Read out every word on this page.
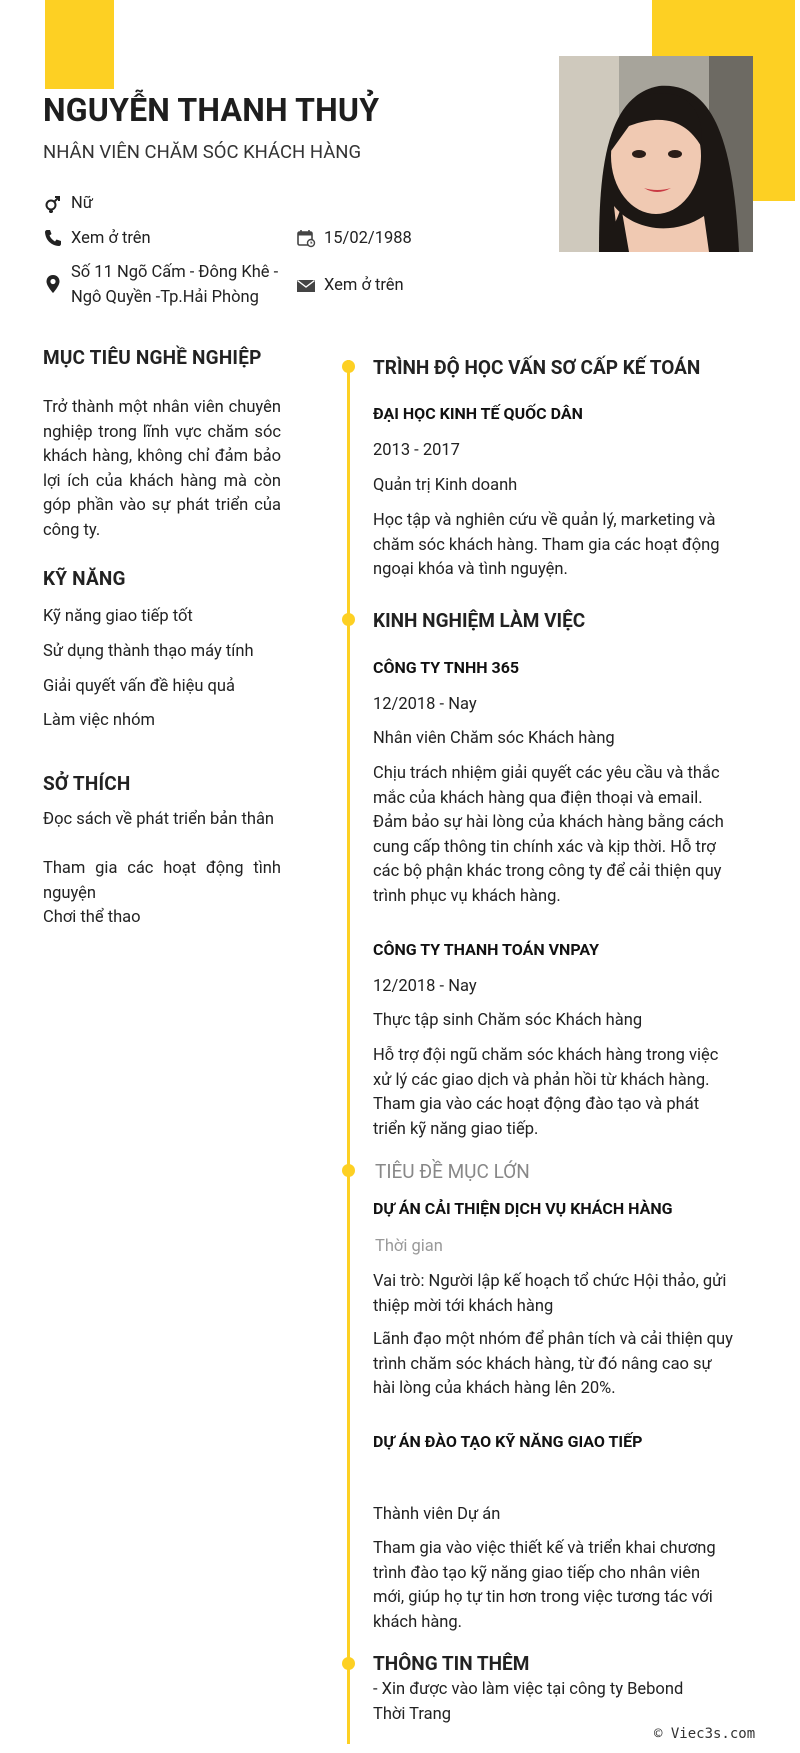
NGUYỄN THANH THUỶ
NHÂN VIÊN CHĂM SÓC KHÁCH HÀNG
Nữ
Xem ở trên	15/02/1988
Số 11 Ngõ Cấm - Đông Khê -
Ngô Quyền -Tp.Hải Phòng
Xem ở trên
MỤC TIÊU NGHỀ NGHIỆP
Trở thành một nhân viên chuyên nghiệp trong lĩnh vực chăm sóc khách hàng, không chỉ đảm bảo lợi ích của khách hàng mà còn góp phần vào sự phát triển của công ty.
KỸ NĂNG
Kỹ năng giao tiếp tốt
Sử dụng thành thạo máy tính
Giải quyết vấn đề hiệu quả
Làm việc nhóm
SỞ THÍCH
Đọc sách về phát triển bản thân
Tham gia các hoạt động tình nguyện
Chơi thể thao
TRÌNH ĐỘ HỌC VẤN SƠ CẤP KẾ TOÁN
ĐẠI HỌC KINH TẾ QUỐC DÂN
2013 - 2017
Quản trị Kinh doanh
Học tập và nghiên cứu về quản lý, marketing và chăm sóc khách hàng. Tham gia các hoạt động ngoại khóa và tình nguyện.
KINH NGHIỆM LÀM VIỆC
CÔNG TY TNHH 365
12/2018 - Nay
Nhân viên Chăm sóc Khách hàng
Chịu trách nhiệm giải quyết các yêu cầu và thắc mắc của khách hàng qua điện thoại và email. Đảm bảo sự hài lòng của khách hàng bằng cách cung cấp thông tin chính xác và kịp thời. Hỗ trợ các bộ phận khác trong công ty để cải thiện quy trình phục vụ khách hàng.
CÔNG TY THANH TOÁN VNPAY
12/2018 - Nay
Thực tập sinh Chăm sóc Khách hàng
Hỗ trợ đội ngũ chăm sóc khách hàng trong việc xử lý các giao dịch và phản hồi từ khách hàng. Tham gia vào các hoạt động đào tạo và phát triển kỹ năng giao tiếp.
TIÊU ĐỀ MỤC LỚN
DỰ ÁN CẢI THIỆN DỊCH VỤ KHÁCH HÀNG
Thời gian
Vai trò: Người lập kế hoạch tổ chức Hội thảo, gửi thiệp mời tới khách hàng
Lãnh đạo một nhóm để phân tích và cải thiện quy trình chăm sóc khách hàng, từ đó nâng cao sự hài lòng của khách hàng lên 20%.
DỰ ÁN ĐÀO TẠO KỸ NĂNG GIAO TIẾP
Thành viên Dự án
Tham gia vào việc thiết kế và triển khai chương trình đào tạo kỹ năng giao tiếp cho nhân viên mới, giúp họ tự tin hơn trong việc tương tác với khách hàng.
THÔNG TIN THÊM
- Xin được vào làm việc tại công ty Bebond Thời Trang
© Viec3s.com
